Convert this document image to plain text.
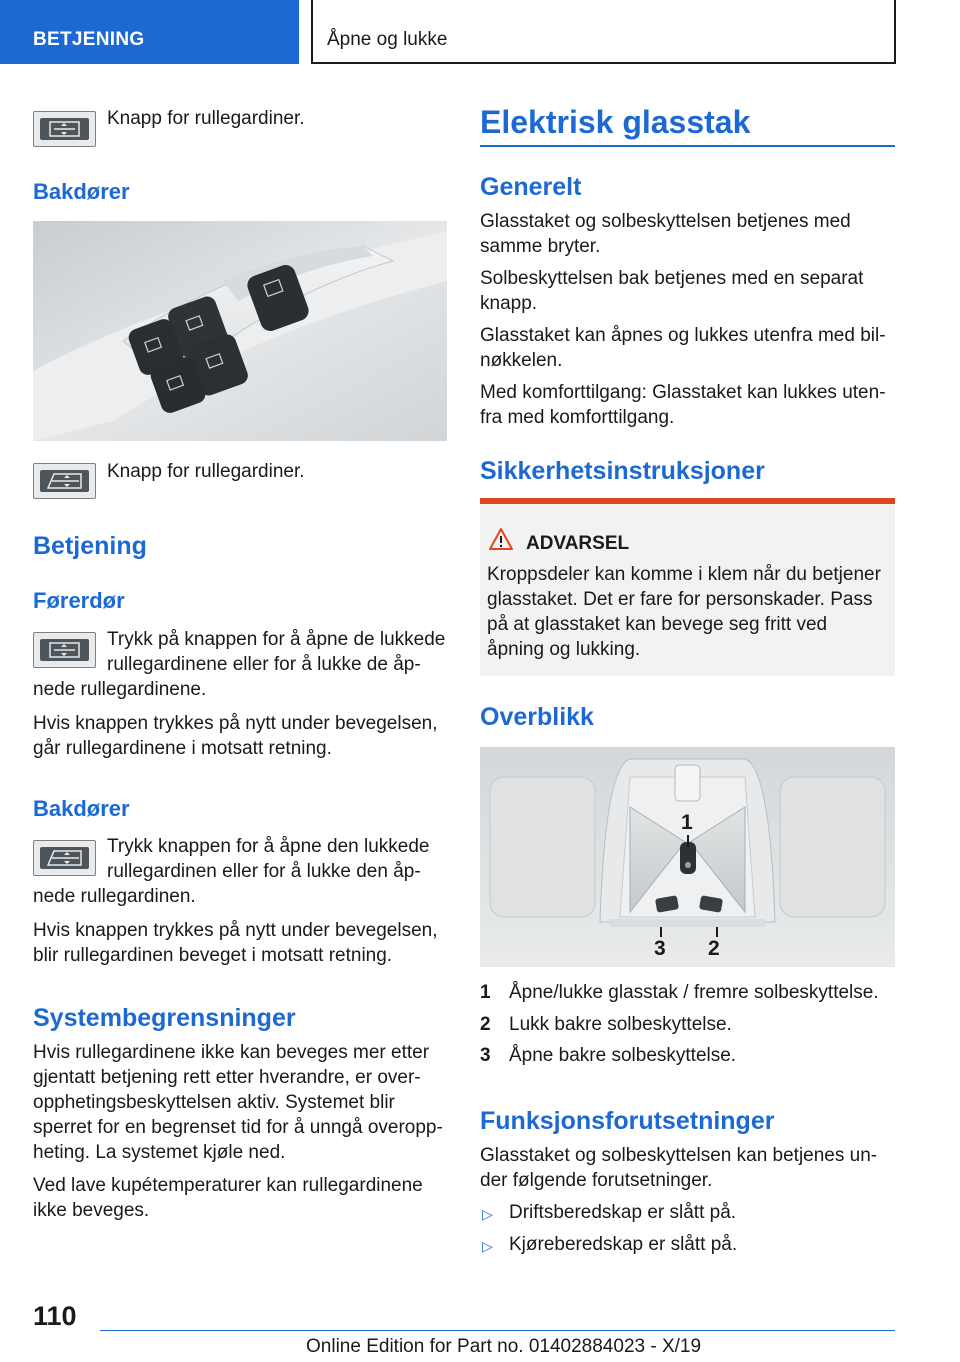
BETJENING	Åpne og lukke
Knapp for rullegardiner.
Bakdører
Knapp for rullegardiner.
Betjening
Førerdør
Trykk på knappen for å åpne de lukkede rullegardinene eller for å lukke de åp-
nede rullegardinene.
Hvis knappen trykkes på nytt under bevegelsen, går rullegardinene i motsatt retning.
Bakdører
Trykk knappen for å åpne den lukkede rullegardinen eller for å lukke den åp-
nede rullegardinen.
Hvis knappen trykkes på nytt under bevegelsen, blir rullegardinen beveget i motsatt retning.
Systembegrensninger
Hvis rullegardinene ikke kan beveges mer etter gjentatt betjening rett etter hverandre, er overopphetingsbeskyttelsen aktiv. Systemet blir sperret for en begrenset tid for å unngå overoppheting. La systemet kjøle ned.
Ved lave kupétemperaturer kan rullegardinene ikke beveges.
Elektrisk glasstak
Generelt
Glasstaket og solbeskyttelsen betjenes med samme bryter.
Solbeskyttelsen bak betjenes med en separat knapp.
Glasstaket kan åpnes og lukkes utenfra med bilnøkkelen.
Med komforttilgang: Glasstaket kan lukkes utenfra med komforttilgang.
Sikkerhetsinstruksjoner
ADVARSEL
Kroppsdeler kan komme i klem når du betjener glasstaket. Det er fare for personskader. Pass på at glasstaket kan bevege seg fritt ved åpning og lukking.
Overblikk
1
3 2
1 Åpne/lukke glasstak / fremre solbeskyttelse.
2 Lukk bakre solbeskyttelse.
3 Åpne bakre solbeskyttelse.
Funksjonsforutsetninger
Glasstaket og solbeskyttelsen kan betjenes under følgende forutsetninger.
▷ Driftsberedskap er slått på.
▷ Kjøreberedskap er slått på.
110
Online Edition for Part no. 01402884023 - X/19
